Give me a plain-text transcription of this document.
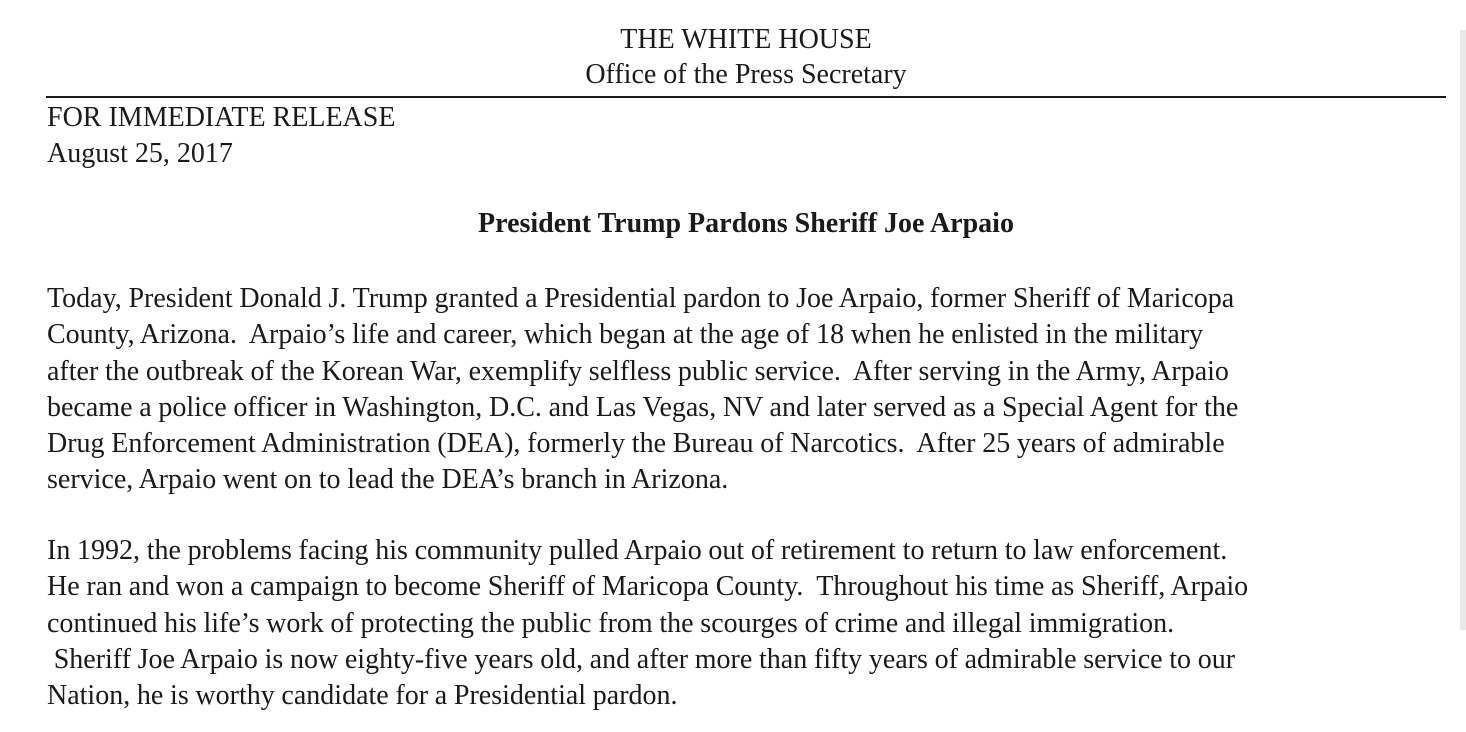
THE WHITE HOUSE
Office of the Press Secretary
FOR IMMEDIATE RELEASE
August 25, 2017
President Trump Pardons Sheriff Joe Arpaio
Today, President Donald J. Trump granted a Presidential pardon to Joe Arpaio, former Sheriff of Maricopa
County, Arizona.  Arpaio’s life and career, which began at the age of 18 when he enlisted in the military
after the outbreak of the Korean War, exemplify selfless public service.  After serving in the Army, Arpaio
became a police officer in Washington, D.C. and Las Vegas, NV and later served as a Special Agent for the
Drug Enforcement Administration (DEA), formerly the Bureau of Narcotics.  After 25 years of admirable
service, Arpaio went on to lead the DEA’s branch in Arizona.
In 1992, the problems facing his community pulled Arpaio out of retirement to return to law enforcement.
He ran and won a campaign to become Sheriff of Maricopa County.  Throughout his time as Sheriff, Arpaio
continued his life’s work of protecting the public from the scourges of crime and illegal immigration.
Sheriff Joe Arpaio is now eighty-five years old, and after more than fifty years of admirable service to our
Nation, he is worthy candidate for a Presidential pardon.
